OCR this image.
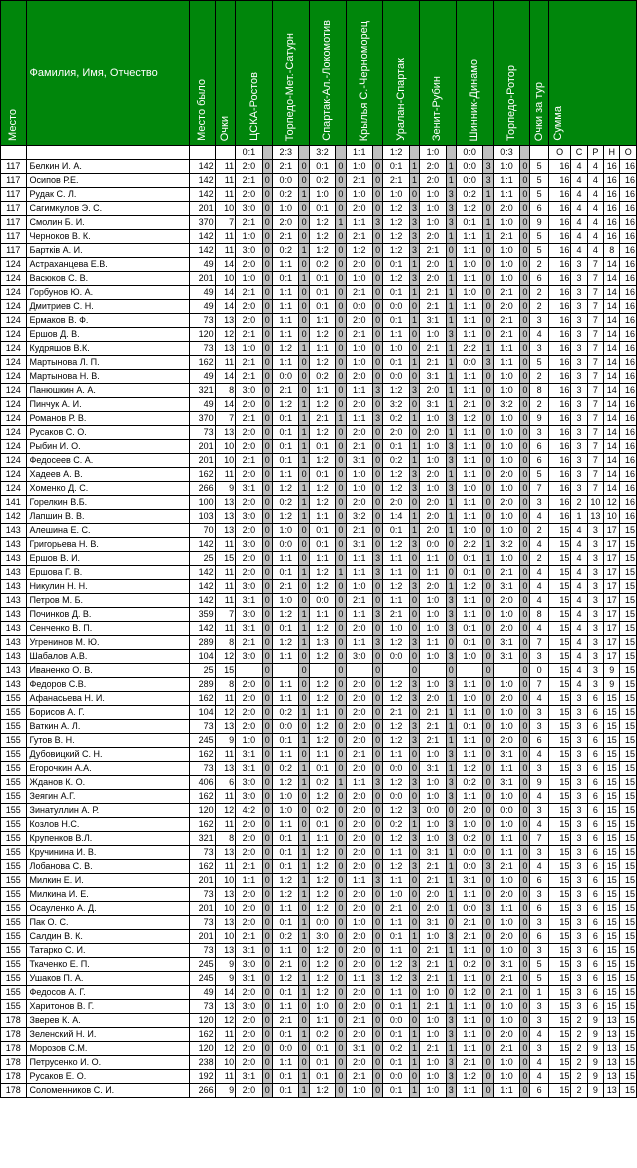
Место	Фамилия, Имя, Отчество	Место было	Очки	ЦСКА-Ростов		Торпедо-Мет.-Сатурн		Спартак-Ал.-Локомотив		Крылья С.-Черноморец		Уралан-Спартак		Зенит-Рубин		Шинник-Динамо		Торпедо-Ротор		Очки за тур	Сумма				

				0:1		2:3		3:2		1:1		1:2		1:0		0:0		0:3			О	С	Р	Н	О
117	Белкин И. А.	142	11	2:0	0	2:1	0	0:1	0	1:0	0	0:1	1	2:0	1	0:0	3	1:0	0	5	16	4	4	16	16
117	Осипов Р.Е.	142	11	2:1	0	0:0	0	0:2	0	2:1	0	2:1	1	2:0	1	0:0	3	1:1	0	5	16	4	4	16	16
117	Рудак С. Л.	142	11	2:0	0	0:2	1	1:0	0	1:0	0	1:0	0	1:0	3	0:2	1	1:1	0	5	16	4	4	16	16
117	Сагимкулов Э. С.	201	10	3:0	0	1:0	0	0:1	0	2:0	0	1:2	3	1:0	3	1:2	0	2:0	0	6	16	4	4	16	16
117	Смолин Б. И.	370	7	2:1	0	2:0	0	1:2	1	1:1	3	1:2	3	1:0	3	0:1	1	1:0	0	9	16	4	4	16	16
117	Черноков В. К.	142	11	1:0	0	2:1	0	1:2	0	2:1	0	1:2	3	2:0	1	1:1	1	2:1	0	5	16	4	4	16	16
117	Бартків А. И.	142	11	3:0	0	0:2	1	1:2	0	1:2	0	1:2	3	2:1	0	1:1	0	1:0	0	5	16	4	4	8	16
124	Астраханцева Е.В.	49	14	2:0	0	1:1	0	0:2	0	2:0	0	0:1	1	2:0	1	1:0	0	1:0	0	2	16	3	7	14	16
124	Васюков С. В.	201	10	1:0	0	0:1	1	0:1	0	1:0	0	1:2	3	2:0	1	1:1	0	1:0	0	6	16	3	7	14	16
124	Горбунов Ю. А.	49	14	2:1	0	1:1	0	0:1	0	2:1	0	0:1	1	2:1	1	1:0	0	2:1	0	2	16	3	7	14	16
124	Дмитриев С. Н.	49	14	2:0	0	1:1	0	0:1	0	0:0	0	0:0	0	2:1	1	1:1	0	2:0	0	2	16	3	7	14	16
124	Ермаков В. Ф.	73	13	2:0	0	1:1	0	1:1	0	2:0	0	0:1	1	3:1	1	1:1	0	2:1	0	3	16	3	7	14	16
124	Ершов Д. В.	120	12	2:1	0	1:1	0	1:2	0	2:1	0	1:1	0	1:0	3	1:1	0	2:1	0	4	16	3	7	14	16
124	Кудряшов В.К.	73	13	1:0	0	1:2	1	1:1	0	1:0	0	1:0	0	2:1	1	2:2	1	1:1	0	3	16	3	7	14	16
124	Мартынова Л. П.	162	11	2:1	0	1:1	0	1:2	0	1:0	0	0:1	1	2:1	1	0:0	3	1:1	0	5	16	3	7	14	16
124	Мартынова Н. В.	49	14	2:1	0	0:0	0	0:2	0	2:0	0	0:0	0	3:1	1	1:1	0	1:0	0	2	16	3	7	14	16
124	Панюшкин А. А.	321	8	3:0	0	2:1	0	1:1	0	1:1	3	1:2	3	2:0	1	1:1	0	1:0	0	8	16	3	7	14	16
124	Пинчук А. И.	49	14	2:0	0	1:2	1	1:2	0	2:0	0	3:2	0	3:1	1	2:1	0	3:2	0	2	16	3	7	14	16
124	Романов Р. В.	370	7	2:1	0	0:1	1	2:1	1	1:1	3	0:2	1	1:0	3	1:2	0	1:0	0	9	16	3	7	14	16
124	Русаков С. О.	73	13	2:0	0	0:1	1	1:2	0	2:0	0	2:0	0	2:0	1	1:1	0	1:0	0	3	16	3	7	14	16
124	Рыбин И. О.	201	10	2:0	0	0:1	1	0:1	0	2:1	0	0:1	1	1:0	3	1:1	0	1:0	0	6	16	3	7	14	16
124	Федосеев С. А.	201	10	2:1	0	0:1	1	1:2	0	3:1	0	0:2	1	1:0	3	1:1	0	1:0	0	6	16	3	7	14	16
124	Хадеев А. В.	162	11	2:0	0	1:1	0	0:1	0	1:0	0	1:2	3	2:0	1	1:1	0	2:0	0	5	16	3	7	14	16
124	Хоменко Д. С.	266	9	3:1	0	1:2	1	1:2	0	1:0	0	1:2	3	1:0	3	1:0	0	1:0	0	7	16	3	7	14	16
141	Горелкин В.Б.	100	13	2:0	0	0:2	1	1:2	0	2:0	0	2:0	0	2:0	1	1:1	0	2:0	0	3	16	2	10	12	16
142	Лапшин В. В.	103	13	3:0	0	1:2	1	1:1	0	3:2	0	1:4	1	2:0	1	1:1	0	1:0	0	4	16	1	13	10	16
143	Алешина Е. С.	70	13	2:0	0	1:0	0	0:1	0	2:1	0	0:1	1	2:0	1	1:0	0	1:0	0	2	15	4	3	17	15
143	Григорьева Н. В.	142	11	3:0	0	0:0	0	0:1	0	3:1	0	1:2	3	0:0	0	2:2	1	3:2	0	4	15	4	3	17	15
143	Ершов В. И.	25	15	2:0	0	1:1	0	1:1	0	1:1	3	1:1	0	1:1	0	0:1	1	1:0	0	2	15	4	3	17	15
143	Ершова Г. В.	142	11	2:0	0	0:1	1	1:2	1	1:1	3	1:1	0	1:1	0	0:1	0	2:1	0	4	15	4	3	17	15
143	Никулин Н. Н.	142	11	3:0	0	2:1	0	1:2	0	1:0	0	1:2	3	2:0	1	1:2	0	3:1	0	4	15	4	3	17	15
143	Петров М. Б.	142	11	3:1	0	1:0	0	0:0	0	2:1	0	1:1	0	1:0	3	1:1	0	2:0	0	4	15	4	3	17	15
143	Починков Д. В.	359	7	3:0	0	1:2	1	1:1	0	1:1	3	2:1	0	1:0	3	1:1	0	1:0	0	8	15	4	3	17	15
143	Сенченко В. П.	142	11	3:1	0	0:1	1	1:2	0	2:0	0	1:0	0	1:0	3	0:1	0	2:0	0	4	15	4	3	17	15
143	Угренинов М. Ю.	289	8	2:1	0	1:2	1	1:3	0	1:1	3	1:2	3	1:1	0	0:1	0	3:1	0	7	15	4	3	17	15
143	Шабалов А.В.	104	12	3:0	0	1:1	0	1:2	0	3:0	0	0:0	0	1:0	3	1:0	0	3:1	0	3	15	4	3	17	15
143	Иваненко О. В.	25	15		0		0		0		0		0		0		0		0	0	15	4	3	9	15
143	Федоров С.В.	289	8	2:0	0	1:1	0	1:2	0	2:0	0	1:2	3	1:0	3	1:1	0	1:0	0	7	15	4	3	9	15
155	Афанасьева Н. И.	162	11	2:0	0	1:1	0	1:2	0	2:0	0	1:2	3	2:0	1	1:0	0	2:0	0	4	15	3	6	15	15
155	Борисов А. Г.	104	12	2:0	0	0:2	1	1:1	0	2:0	0	2:1	0	2:1	1	1:1	0	1:0	0	3	15	3	6	15	15
155	Ваткин А. Л.	73	13	2:0	0	0:0	0	1:2	0	2:0	0	1:2	3	2:1	1	0:1	0	1:0	0	3	15	3	6	15	15
155	Гутов В. Н.	245	9	1:0	0	0:1	1	1:2	0	2:0	0	1:2	3	2:1	1	1:1	0	2:0	0	6	15	3	6	15	15
155	Дубовицкий С. Н.	162	11	3:1	0	1:1	0	1:1	0	2:1	0	1:1	0	1:0	3	1:1	0	3:1	0	4	15	3	6	15	15
155	Егорочкин А.А.	73	13	3:1	0	0:2	1	0:1	0	2:0	0	0:0	0	3:1	1	1:2	0	1:1	0	3	15	3	6	15	15
155	Жданов К. О.	406	6	3:0	0	1:2	1	0:2	1	1:1	3	1:2	3	1:0	3	0:2	0	3:1	0	9	15	3	6	15	15
155	Зеягин А.Г.	162	11	3:0	0	1:0	0	1:2	0	2:0	0	0:0	0	1:0	3	1:1	0	1:0	0	4	15	3	6	15	15
155	Зинатуллин А. Р.	120	12	4:2	0	1:0	0	0:2	0	2:0	0	1:2	3	0:0	0	2:0	0	0:0	0	3	15	3	6	15	15
155	Козлов Н.С.	162	11	2:0	0	1:1	0	0:1	0	2:0	0	0:2	1	1:0	3	1:0	0	1:0	0	4	15	3	6	15	15
155	Крупенков В.Л.	321	8	2:0	0	0:1	1	1:1	0	2:0	0	1:2	3	1:0	3	0:2	0	1:1	0	7	15	3	6	15	15
155	Кручинина И. В.	73	13	2:0	0	0:1	1	1:2	0	2:0	0	1:1	0	3:1	1	0:0	0	1:1	0	3	15	3	6	15	15
155	Лобанова С. В.	162	11	2:1	0	0:1	1	1:2	0	2:0	0	1:2	3	2:1	1	0:0	3	2:1	0	4	15	3	6	15	15
155	Милкин Е. И.	201	10	1:1	0	1:2	1	1:2	0	1:1	3	1:1	0	2:1	1	3:1	0	1:0	0	6	15	3	6	15	15
155	Милкина И. Е.	73	13	2:0	0	1:2	1	1:2	0	2:0	0	1:0	0	2:0	1	1:1	0	2:0	0	3	15	3	6	15	15
155	Осауленко А. Д.	201	10	2:0	0	1:1	0	1:2	0	2:0	0	2:1	0	2:0	1	0:0	3	1:1	0	6	15	3	6	15	15
155	Пак О. С.	73	13	2:0	0	0:1	1	0:0	0	1:0	0	1:1	0	3:1	0	2:1	0	1:0	0	3	15	3	6	15	15
155	Салдин В. К.	201	10	2:1	0	0:2	1	3:0	0	2:0	0	0:1	1	1:0	3	2:1	0	2:0	0	6	15	3	6	15	15
155	Татарко С. И.	73	13	3:1	0	1:1	0	1:2	0	2:0	0	1:1	0	2:1	1	1:1	0	1:0	0	3	15	3	6	15	15
155	Ткаченко Е. П.	245	9	3:0	0	2:1	0	1:2	0	2:0	0	1:2	3	2:1	1	0:2	0	3:1	0	5	15	3	6	15	15
155	Ушаков П. А.	245	9	3:1	0	1:2	1	1:2	0	1:1	3	1:2	3	2:1	1	1:1	0	2:1	0	5	15	3	6	15	15
155	Федосов А. Г.	49	14	2:0	0	0:1	1	1:2	0	2:0	0	1:1	0	1:0	0	1:2	0	2:1	0	1	15	3	6	15	15
155	Харитонов В. Г.	73	13	3:0	0	1:1	0	1:0	0	2:0	0	0:1	1	2:1	1	1:1	0	1:0	0	3	15	3	6	15	15
178	Зверев К. А.	120	12	2:0	0	2:1	0	1:1	0	2:1	0	0:0	0	1:0	3	1:1	0	1:0	0	3	15	2	9	13	15
178	Зеленский Н. И.	162	11	2:0	0	0:1	1	0:2	0	2:0	0	0:1	1	1:0	3	1:1	0	2:0	0	4	15	2	9	13	15
178	Морозов С.М.	120	12	2:0	0	0:0	0	0:1	0	3:1	0	0:2	1	2:1	1	1:1	0	2:1	0	3	15	2	9	13	15
178	Петрусенко И. О.	238	10	2:0	0	1:1	0	0:1	0	2:0	0	0:1	1	1:0	3	2:1	0	1:0	0	4	15	2	9	13	15
178	Русаков Е. О.	192	11	3:1	0	0:1	1	0:1	0	2:1	0	0:0	0	1:0	3	1:2	0	1:0	0	4	15	2	9	13	15
178	Соломенников С. И.	266	9	2:0	0	0:1	1	1:2	0	1:0	0	0:1	1	1:0	3	1:1	0	1:1	0	6	15	2	9	13	15
